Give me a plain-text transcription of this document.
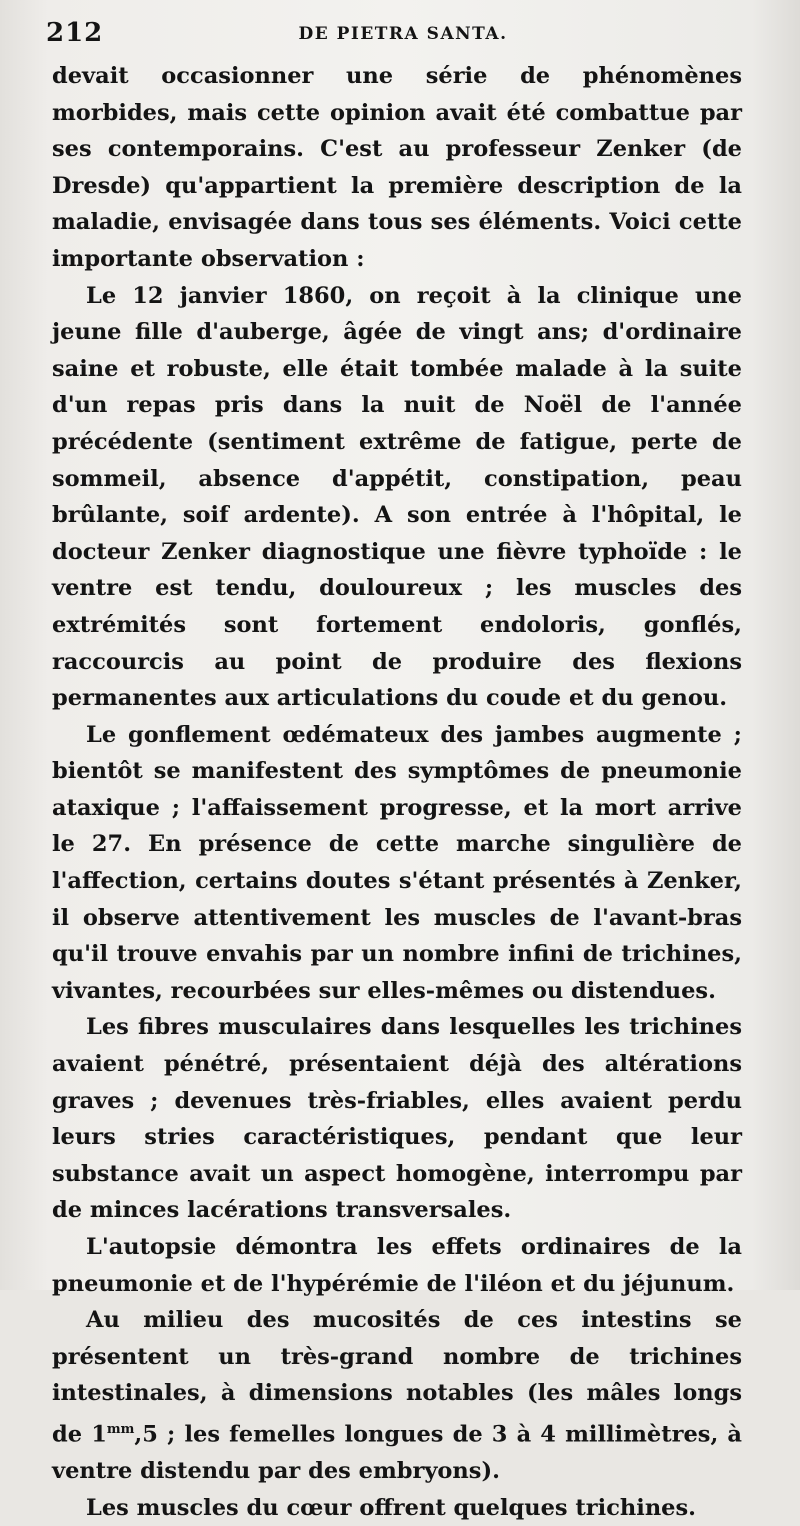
212	DE PIETRA SANTA.

devait occasionner une série de phénomènes morbides, mais cette opinion avait été combattue par ses contemporains. C'est au professeur Zenker (de Dresde) qu'appartient la première description de la maladie, envisagée dans tous ses éléments. Voici cette importante observation :

Le 12 janvier 1860, on reçoit à la clinique une jeune fille d'auberge, âgée de vingt ans; d'ordinaire saine et robuste, elle était tombée malade à la suite d'un repas pris dans la nuit de Noël de l'année précédente (sentiment extrême de fatigue, perte de sommeil, absence d'appétit, constipation, peau brûlante, soif ardente). A son entrée à l'hôpital, le docteur Zenker diagnostique une fièvre typhoïde : le ventre est tendu, douloureux ; les muscles des extrémités sont fortement endoloris, gonflés, raccourcis au point de produire des flexions permanentes aux articulations du coude et du genou.

Le gonflement œdémateux des jambes augmente ; bientôt se manifestent des symptômes de pneumonie ataxique ; l'affaissement progresse, et la mort arrive le 27. En présence de cette marche singulière de l'affection, certains doutes s'étant présentés à Zenker, il observe attentivement les muscles de l'avant-bras qu'il trouve envahis par un nombre infini de trichines, vivantes, recourbées sur elles-mêmes ou distendues.

Les fibres musculaires dans lesquelles les trichines avaient pénétré, présentaient déjà des altérations graves ; devenues très-friables, elles avaient perdu leurs stries caractéristiques, pendant que leur substance avait un aspect homogène, interrompu par de minces lacérations transversales.

L'autopsie démontra les effets ordinaires de la pneumonie et de l'hypérémie de l'iléon et du jéjunum.

Au milieu des mucosités de ces intestins se présentent un très-grand nombre de trichines intestinales, à dimensions notables (les mâles longs de $1^{mm},5$ ; les femelles longues de 3 à 4 millimètres, à ventre distendu par des embryons).

Les muscles du cœur offrent quelques trichines.
